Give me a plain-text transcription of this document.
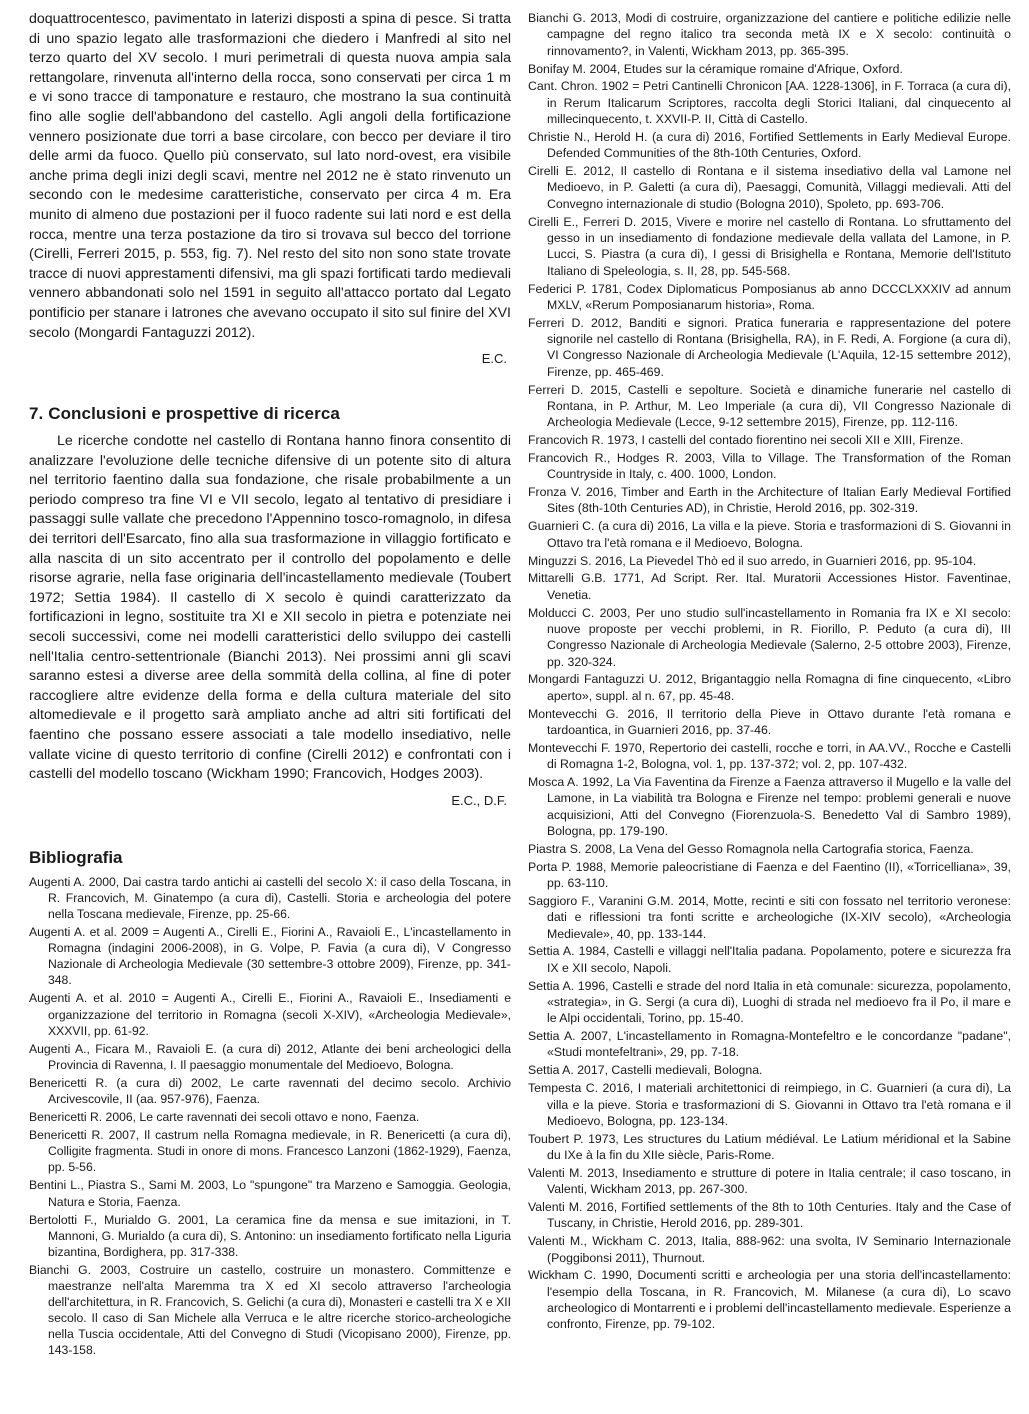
doquattrocentesco, pavimentato in laterizi disposti a spina di pesce. Si tratta di uno spazio legato alle trasformazioni che diedero i Manfredi al sito nel terzo quarto del XV secolo. I muri perimetrali di questa nuova ampia sala rettangolare, rinvenuta all'interno della rocca, sono conservati per circa 1 m e vi sono tracce di tamponature e restauro, che mostrano la sua continuità fino alle soglie dell'abbandono del castello. Agli angoli della fortificazione vennero posizionate due torri a base circolare, con becco per deviare il tiro delle armi da fuoco. Quello più conservato, sul lato nord-ovest, era visibile anche prima degli inizi degli scavi, mentre nel 2012 ne è stato rinvenuto un secondo con le medesime caratteristiche, conservato per circa 4 m. Era munito di almeno due postazioni per il fuoco radente sui lati nord e est della rocca, mentre una terza postazione da tiro si trovava sul becco del torrione (Cirelli, Ferreri 2015, p. 553, fig. 7). Nel resto del sito non sono state trovate tracce di nuovi apprestamenti difensivi, ma gli spazi fortificati tardo medievali vennero abbandonati solo nel 1591 in seguito all'attacco portato dal Legato pontificio per stanare i latrones che avevano occupato il sito sul finire del XVI secolo (Mongardi Fantaguzzi 2012).

E.C.

7. Conclusioni e prospettive di ricerca

Le ricerche condotte nel castello di Rontana hanno finora consentito di analizzare l'evoluzione delle tecniche difensive di un potente sito di altura nel territorio faentino dalla sua fondazione, che risale probabilmente a un periodo compreso tra fine VI e VII secolo, legato al tentativo di presidiare i passaggi sulle vallate che precedono l'Appennino tosco-romagnolo, in difesa dei territori dell'Esarcato, fino alla sua trasformazione in villaggio fortificato e alla nascita di un sito accentrato per il controllo del popolamento e delle risorse agrarie, nella fase originaria dell'incastellamento medievale (Toubert 1972; Settia 1984). Il castello di X secolo è quindi caratterizzato da fortificazioni in legno, sostituite tra XI e XII secolo in pietra e potenziate nei secoli successivi, come nei modelli caratteristici dello sviluppo dei castelli nell'Italia centro-settentrionale (Bianchi 2013). Nei prossimi anni gli scavi saranno estesi a diverse aree della sommità della collina, al fine di poter raccogliere altre evidenze della forma e della cultura materiale del sito altomedievale e il progetto sarà ampliato anche ad altri siti fortificati del faentino che possano essere associati a tale modello insediativo, nelle vallate vicine di questo territorio di confine (Cirelli 2012) e confrontati con i castelli del modello toscano (Wickham 1990; Francovich, Hodges 2003).

E.C., D.F.

Bibliografia

Augenti A. 2000, Dai castra tardo antichi ai castelli del secolo X: il caso della Toscana, in R. Francovich, M. Ginatempo (a cura di), Castelli. Storia e archeologia del potere nella Toscana medievale, Firenze, pp. 25-66.

Augenti A. et al. 2009 = Augenti A., Cirelli E., Fiorini A., Ravaioli E., L'incastellamento in Romagna (indagini 2006-2008), in G. Volpe, P. Favia (a cura di), V Congresso Nazionale di Archeologia Medievale (30 settembre-3 ottobre 2009), Firenze, pp. 341-348.

Augenti A. et al. 2010 = Augenti A., Cirelli E., Fiorini A., Ravaioli E., Insediamenti e organizzazione del territorio in Romagna (secoli X-XIV), «Archeologia Medievale», XXXVII, pp. 61-92.

Augenti A., Ficara M., Ravaioli E. (a cura di) 2012, Atlante dei beni archeologici della Provincia di Ravenna, I. Il paesaggio monumentale del Medioevo, Bologna.

Benericetti R. (a cura di) 2002, Le carte ravennati del decimo secolo. Archivio Arcivescovile, II (aa. 957-976), Faenza.

Benericetti R. 2006, Le carte ravennati dei secoli ottavo e nono, Faenza.

Benericetti R. 2007, Il castrum nella Romagna medievale, in R. Benericetti (a cura di), Colligite fragmenta. Studi in onore di mons. Francesco Lanzoni (1862-1929), Faenza, pp. 5-56.

Bentini L., Piastra S., Sami M. 2003, Lo "spungone" tra Marzeno e Samoggia. Geologia, Natura e Storia, Faenza.

Bertolotti F., Murialdo G. 2001, La ceramica fine da mensa e sue imitazioni, in T. Mannoni, G. Murialdo (a cura di), S. Antonino: un insediamento fortificato nella Liguria bizantina, Bordighera, pp. 317-338.

Bianchi G. 2003, Costruire un castello, costruire un monastero. Committenze e maestranze nell'alta Maremma tra X ed XI secolo attraverso l'archeologia dell'architettura, in R. Francovich, S. Gelichi (a cura di), Monasteri e castelli tra X e XII secolo. Il caso di San Michele alla Verruca e le altre ricerche storico-archeologiche nella Tuscia occidentale, Atti del Convegno di Studi (Vicopisano 2000), Firenze, pp. 143-158.

Bianchi G. 2013, Modi di costruire, organizzazione del cantiere e politiche edilizie nelle campagne del regno italico tra seconda metà IX e X secolo: continuità o rinnovamento?, in Valenti, Wickham 2013, pp. 365-395.

Bonifay M. 2004, Etudes sur la céramique romaine d'Afrique, Oxford.

Cant. Chron. 1902 = Petri Cantinelli Chronicon [AA. 1228-1306], in F. Torraca (a cura di), in Rerum Italicarum Scriptores, raccolta degli Storici Italiani, dal cinquecento al millecinquecento, t. XXVII-P. II, Città di Castello.

Christie N., Herold H. (a cura di) 2016, Fortified Settlements in Early Medieval Europe. Defended Communities of the 8th-10th Centuries, Oxford.

Cirelli E. 2012, Il castello di Rontana e il sistema insediativo della val Lamone nel Medioevo, in P. Galetti (a cura di), Paesaggi, Comunità, Villaggi medievali. Atti del Convegno internazionale di studio (Bologna 2010), Spoleto, pp. 693-706.

Cirelli E., Ferreri D. 2015, Vivere e morire nel castello di Rontana. Lo sfruttamento del gesso in un insediamento di fondazione medievale della vallata del Lamone, in P. Lucci, S. Piastra (a cura di), I gessi di Brisighella e Rontana, Memorie dell'Istituto Italiano di Speleologia, s. II, 28, pp. 545-568.

Federici P. 1781, Codex Diplomaticus Pomposianus ab anno DCCCLXXXIV ad annum MXLV, «Rerum Pomposianarum historia», Roma.

Ferreri D. 2012, Banditi e signori. Pratica funeraria e rappresentazione del potere signorile nel castello di Rontana (Brisighella, RA), in F. Redi, A. Forgione (a cura di), VI Congresso Nazionale di Archeologia Medievale (L'Aquila, 12-15 settembre 2012), Firenze, pp. 465-469.

Ferreri D. 2015, Castelli e sepolture. Società e dinamiche funerarie nel castello di Rontana, in P. Arthur, M. Leo Imperiale (a cura di), VII Congresso Nazionale di Archeologia Medievale (Lecce, 9-12 settembre 2015), Firenze, pp. 112-116.

Francovich R. 1973, I castelli del contado fiorentino nei secoli XII e XIII, Firenze.

Francovich R., Hodges R. 2003, Villa to Village. The Transformation of the Roman Countryside in Italy, c. 400. 1000, London.

Fronza V. 2016, Timber and Earth in the Architecture of Italian Early Medieval Fortified Sites (8th-10th Centuries AD), in Christie, Herold 2016, pp. 302-319.

Guarnieri C. (a cura di) 2016, La villa e la pieve. Storia e trasformazioni di S. Giovanni in Ottavo tra l'età romana e il Medioevo, Bologna.

Minguzzi S. 2016, La Pievedel Thò ed il suo arredo, in Guarnieri 2016, pp. 95-104.

Mittarelli G.B. 1771, Ad Script. Rer. Ital. Muratorii Accessiones Histor. Faventinae, Venetia.

Molducci C. 2003, Per uno studio sull'incastellamento in Romania fra IX e XI secolo: nuove proposte per vecchi problemi, in R. Fiorillo, P. Peduto (a cura di), III Congresso Nazionale di Archeologia Medievale (Salerno, 2-5 ottobre 2003), Firenze, pp. 320-324.

Mongardi Fantaguzzi U. 2012, Brigantaggio nella Romagna di fine cinquecento, «Libro aperto», suppl. al n. 67, pp. 45-48.

Montevecchi G. 2016, Il territorio della Pieve in Ottavo durante l'età romana e tardoantica, in Guarnieri 2016, pp. 37-46.

Montevecchi F. 1970, Repertorio dei castelli, rocche e torri, in AA.VV., Rocche e Castelli di Romagna 1-2, Bologna, vol. 1, pp. 137-372; vol. 2, pp. 107-432.

Mosca A. 1992, La Via Faventina da Firenze a Faenza attraverso il Mugello e la valle del Lamone, in La viabilità tra Bologna e Firenze nel tempo: problemi generali e nuove acquisizioni, Atti del Convegno (Fiorenzuola-S. Benedetto Val di Sambro 1989), Bologna, pp. 179-190.

Piastra S. 2008, La Vena del Gesso Romagnola nella Cartografia storica, Faenza.

Porta P. 1988, Memorie paleocristiane di Faenza e del Faentino (II), «Torricelliana», 39, pp. 63-110.

Saggioro F., Varanini G.M. 2014, Motte, recinti e siti con fossato nel territorio veronese: dati e riflessioni tra fonti scritte e archeologiche (IX-XIV secolo), «Archeologia Medievale», 40, pp. 133-144.

Settia A. 1984, Castelli e villaggi nell'Italia padana. Popolamento, potere e sicurezza fra IX e XII secolo, Napoli.

Settia A. 1996, Castelli e strade del nord Italia in età comunale: sicurezza, popolamento, «strategia», in G. Sergi (a cura di), Luoghi di strada nel medioevo fra il Po, il mare e le Alpi occidentali, Torino, pp. 15-40.

Settia A. 2007, L'incastellamento in Romagna-Montefeltro e le concordanze "padane", «Studi montefeltrani», 29, pp. 7-18.

Settia A. 2017, Castelli medievali, Bologna.

Tempesta C. 2016, I materiali architettonici di reimpiego, in C. Guarnieri (a cura di), La villa e la pieve. Storia e trasformazioni di S. Giovanni in Ottavo tra l'età romana e il Medioevo, Bologna, pp. 123-134.

Toubert P. 1973, Les structures du Latium médiéval. Le Latium méridional et la Sabine du IXe à la fin du XIIe siècle, Paris-Rome.

Valenti M. 2013, Insediamento e strutture di potere in Italia centrale; il caso toscano, in Valenti, Wickham 2013, pp. 267-300.

Valenti M. 2016, Fortified settlements of the 8th to 10th Centuries. Italy and the Case of Tuscany, in Christie, Herold 2016, pp. 289-301.

Valenti M., Wickham C. 2013, Italia, 888-962: una svolta, IV Seminario Internazionale (Poggibonsi 2011), Thurnout.

Wickham C. 1990, Documenti scritti e archeologia per una storia dell'incastellamento: l'esempio della Toscana, in R. Francovich, M. Milanese (a cura di), Lo scavo archeologico di Montarrenti e i problemi dell'incastellamento medievale. Esperienze a confronto, Firenze, pp. 79-102.
